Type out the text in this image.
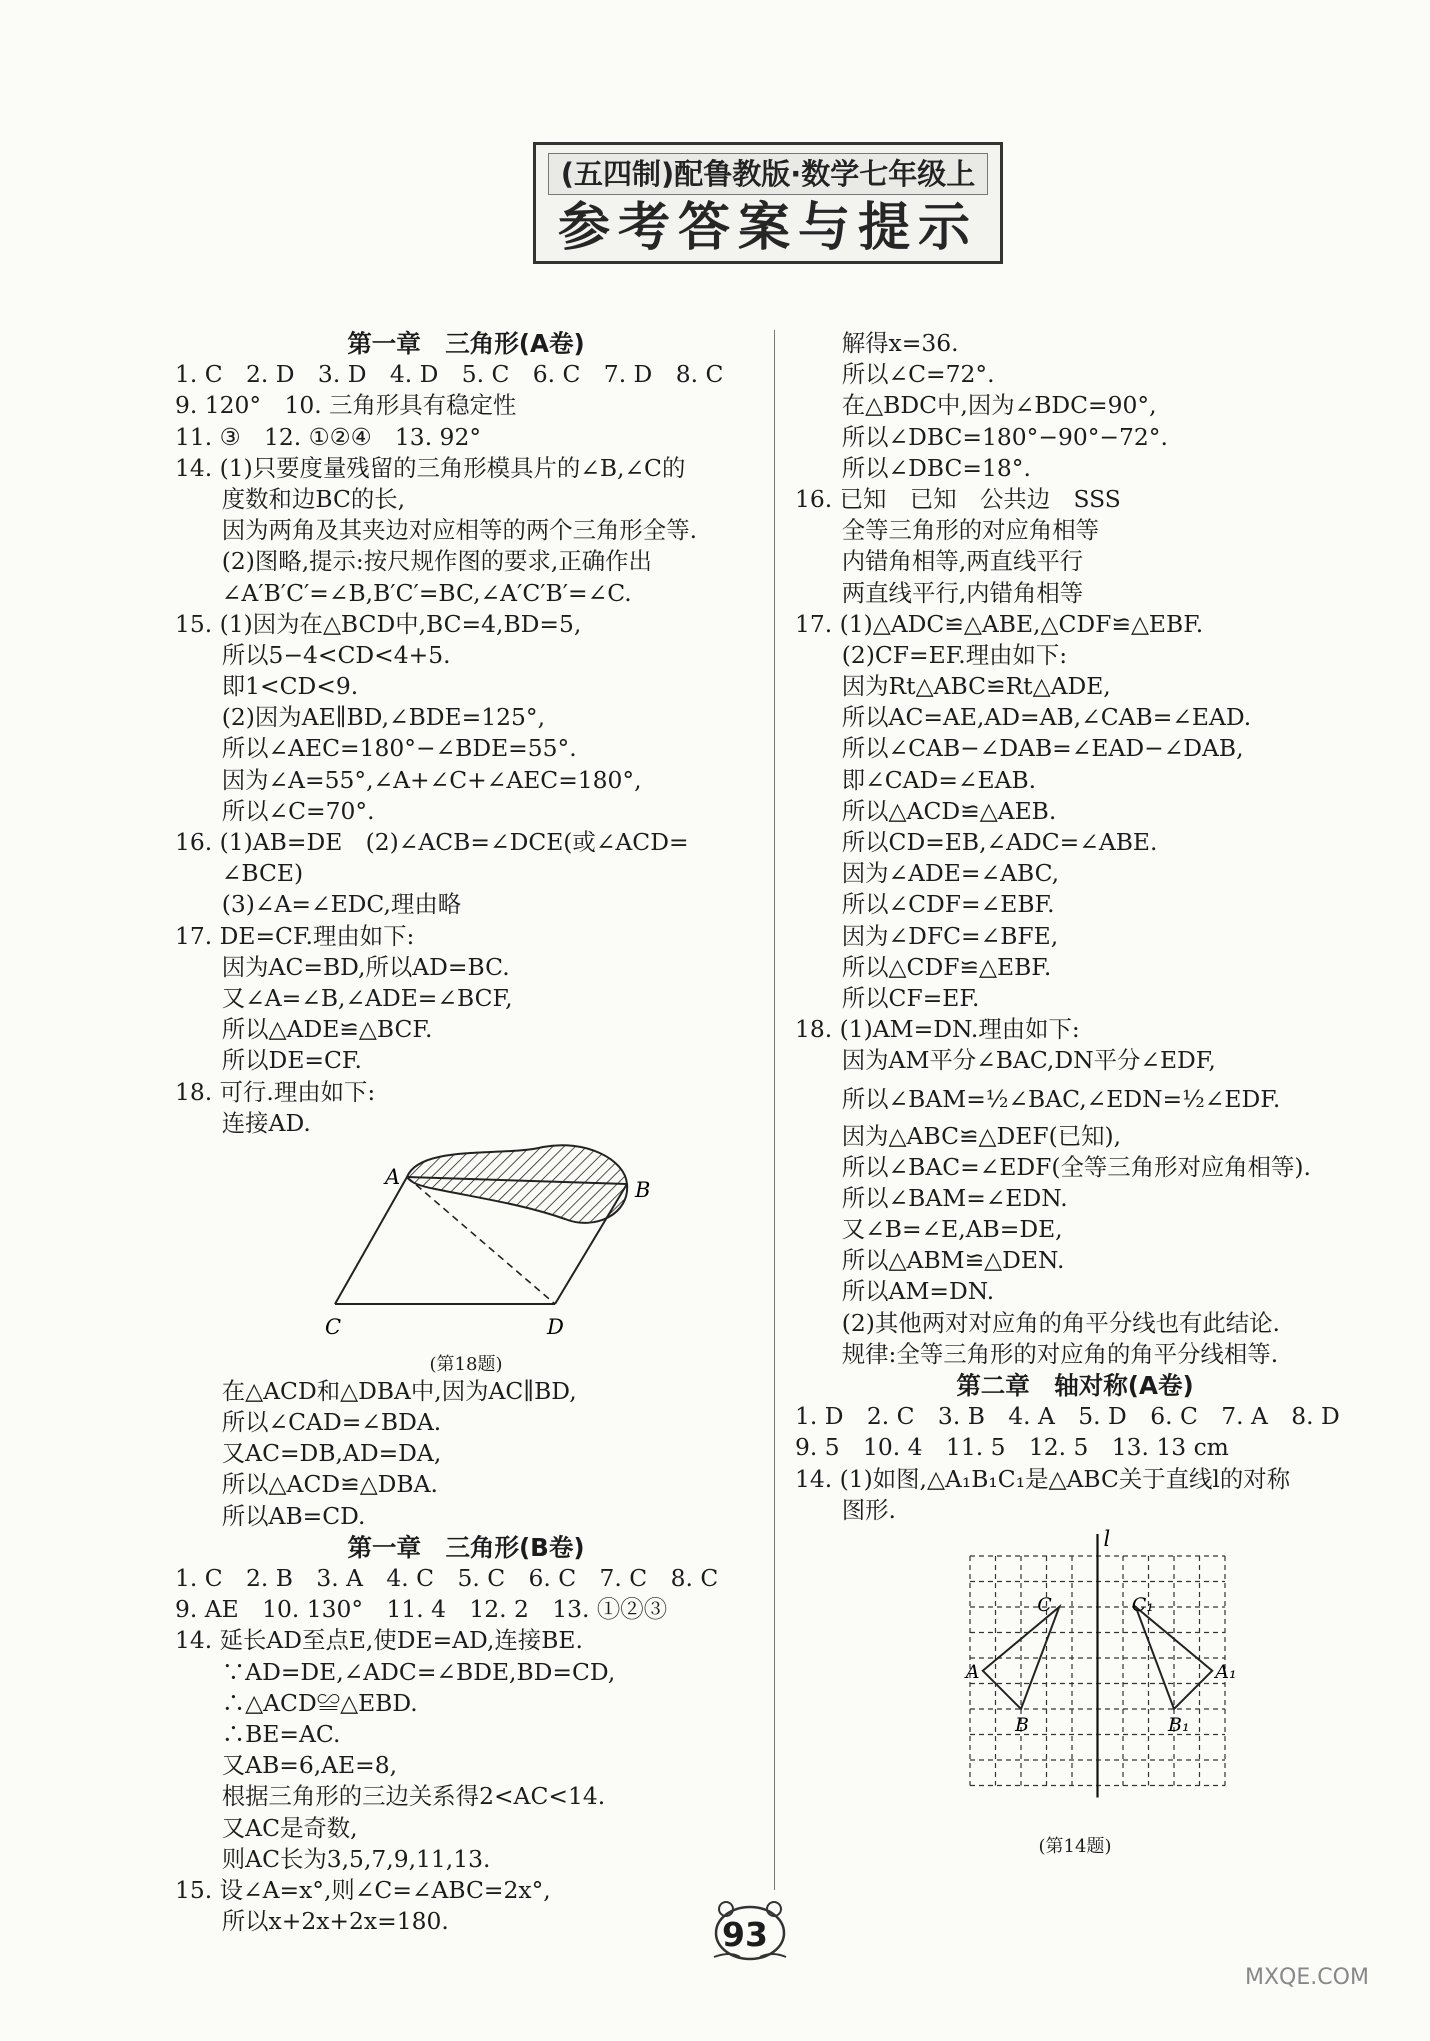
(五四制)配鲁教版·数学七年级上
参考答案与提示
第一章　三角形(A卷)
1. C　2. D　3. D　4. D　5. C　6. C　7. D　8. C
9. 120°　10. 三角形具有稳定性
11. ③　12. ①②④　13. 92°
14. (1)只要度量残留的三角形模具片的∠B,∠C的
　　度数和边BC的长,
　　因为两角及其夹边对应相等的两个三角形全等.
　　(2)图略,提示:按尺规作图的要求,正确作出
　　∠A′B′C′=∠B,B′C′=BC,∠A′C′B′=∠C.
15. (1)因为在△BCD中,BC=4,BD=5,
　　所以5−4<CD<4+5.
　　即1<CD<9.
　　(2)因为AE∥BD,∠BDE=125°,
　　所以∠AEC=180°−∠BDE=55°.
　　因为∠A=55°,∠A+∠C+∠AEC=180°,
　　所以∠C=70°.
16. (1)AB=DE　(2)∠ACB=∠DCE(或∠ACD=
　　∠BCE)
　　(3)∠A=∠EDC,理由略
17. DE=CF.理由如下:
　　因为AC=BD,所以AD=BC.
　　又∠A=∠B,∠ADE=∠BCF,
　　所以△ADE≌△BCF.
　　所以DE=CF.
18. 可行.理由如下:
　　连接AD.
A
B
C	D
(第18题)
　　在△ACD和△DBA中,因为AC∥BD,
　　所以∠CAD=∠BDA.
　　又AC=DB,AD=DA,
　　所以△ACD≌△DBA.
　　所以AB=CD.
第一章　三角形(B卷)
1. C　2. B　3. A　4. C　5. C　6. C　7. C　8. C
9. AE　10. 130°　11. 4　12. 2　13. ①②③
14. 延长AD至点E,使DE=AD,连接BE.
　　∵AD=DE,∠ADC=∠BDE,BD=CD,
　　∴△ACD≌△EBD.
　　∴BE=AC.
　　又AB=6,AE=8,
　　根据三角形的三边关系得2<AC<14.
　　又AC是奇数,
　　则AC长为3,5,7,9,11,13.
15. 设∠A=x°,则∠C=∠ABC=2x°,
　　所以x+2x+2x=180.
　　解得x=36.
　　所以∠C=72°.
　　在△BDC中,因为∠BDC=90°,
　　所以∠DBC=180°−90°−72°.
　　所以∠DBC=18°.
16. 已知　已知　公共边　SSS
　　全等三角形的对应角相等
　　内错角相等,两直线平行
　　两直线平行,内错角相等
17. (1)△ADC≌△ABE,△CDF≌△EBF.
　　(2)CF=EF.理由如下:
　　因为Rt△ABC≌Rt△ADE,
　　所以AC=AE,AD=AB,∠CAB=∠EAD.
　　所以∠CAB−∠DAB=∠EAD−∠DAB,
　　即∠CAD=∠EAB.
　　所以△ACD≌△AEB.
　　所以CD=EB,∠ADC=∠ABE.
　　因为∠ADE=∠ABC,
　　所以∠CDF=∠EBF.
　　因为∠DFC=∠BFE,
　　所以△CDF≌△EBF.
　　所以CF=EF.
18. (1)AM=DN.理由如下:
　　因为AM平分∠BAC,DN平分∠EDF,
　　所以∠BAM=½∠BAC,∠EDN=½∠EDF.
　　因为△ABC≌△DEF(已知),
　　所以∠BAC=∠EDF(全等三角形对应角相等).
　　所以∠BAM=∠EDN.
　　又∠B=∠E,AB=DE,
　　所以△ABM≌△DEN.
　　所以AM=DN.
　　(2)其他两对对应角的角平分线也有此结论.
　　规律:全等三角形的对应角的角平分线相等.
第二章　轴对称(A卷)
1. D　2. C　3. B　4. A　5. D　6. C　7. A　8. D
9. 5　10. 4　11. 5　12. 5　13. 13 cm
14. (1)如图,△A₁B₁C₁是△ABC关于直线l的对称
　　图形.
l
C	C₁
A	A₁
B	B₁
(第14题)
93
MXQE.COM
